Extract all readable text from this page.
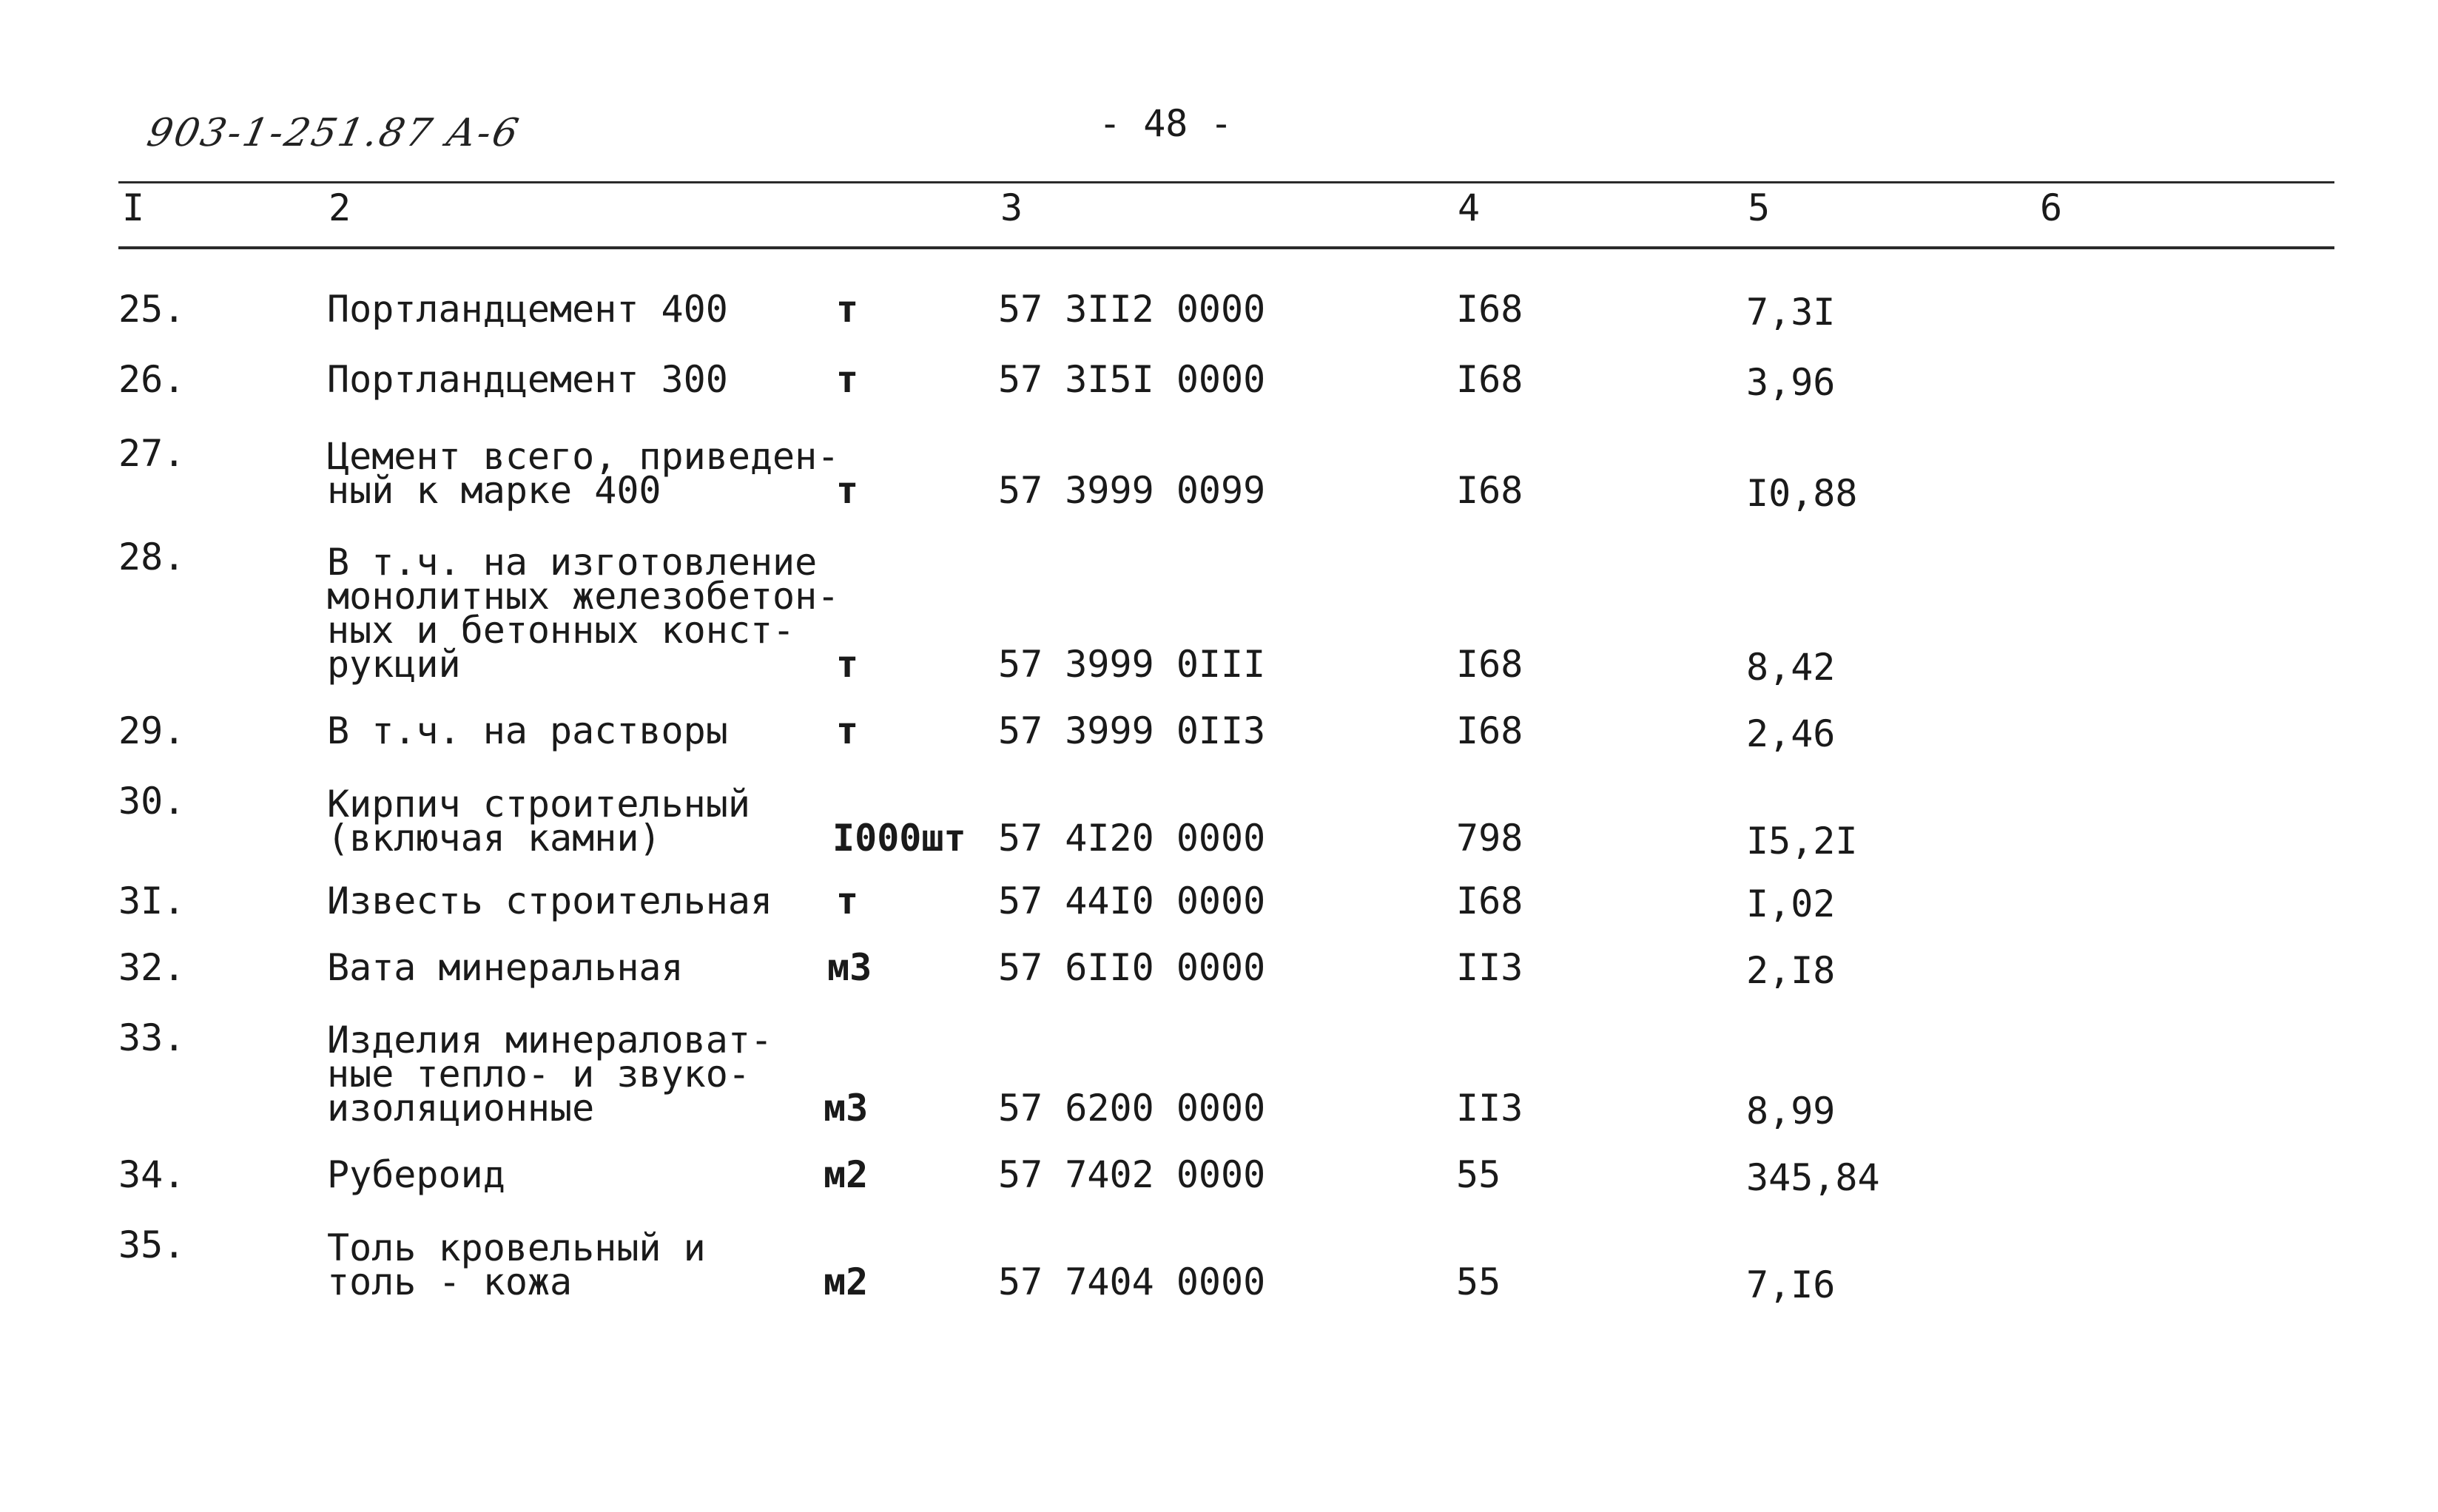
903-1-251.87 A-6	- 48 -
I	2	3	4	5	6
25.	Портландцемент 400	т	57 3II2 0000	I68	7,3I
26.	Портландцемент 300	т	57 3I5I 0000	I68	3,96
27.	Цемент всего, приведен-
ный к марке 400	т	57 3999 0099	I68	I0,88
28.	В т.ч. на изготовление
монолитных железобетон-
ных и бетонных конст-
рукций	т	57 3999 0III	I68	8,42
29.	В т.ч. на растворы	т	57 3999 0II3	I68	2,46
30.	Кирпич строительный
(включая камни)	I000шт 57 4I20 0000	798	I5,2I
3I.	Известь строительная т	57 44I0 0000	I68	I,02
32.	Вата минеральная	м3	57 6II0 0000	II3	2,I8
33.	Изделия минераловат-
ные тепло- и звуко-
изоляционные	м3	57 6200 0000	II3	8,99
34.	Рубероид	м2	57 7402 0000	55	345,84
35.	Толь кровельный и
толь - кожа	м2	57 7404 0000	55	7,I6
